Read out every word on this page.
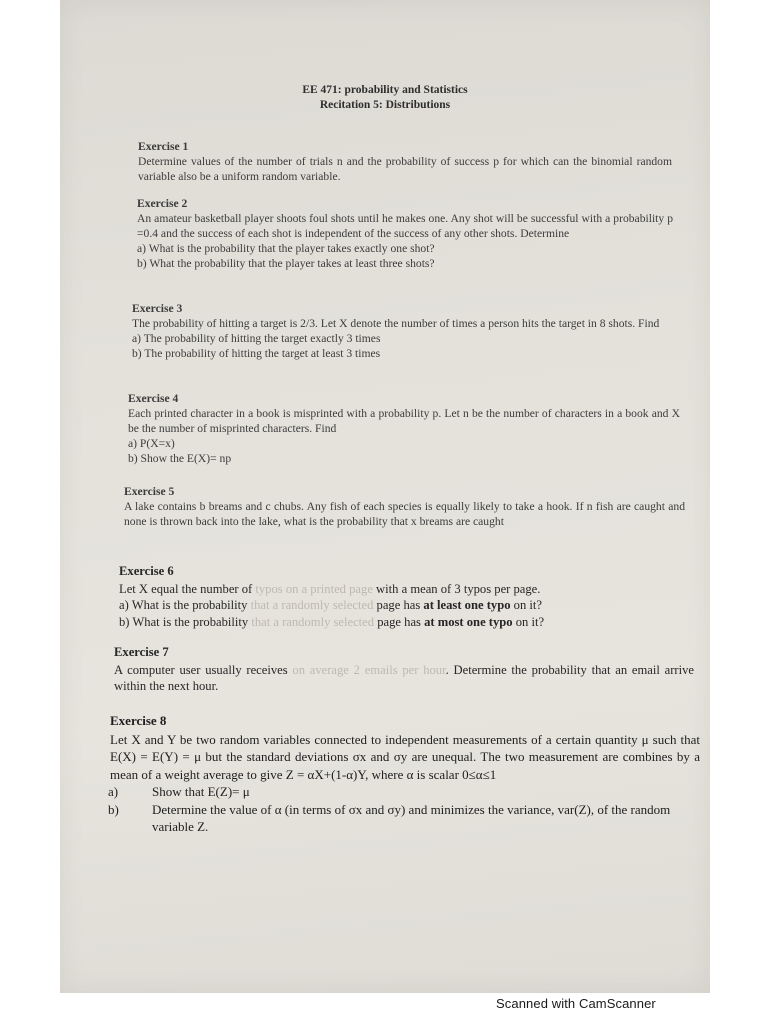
EE 471: probability and Statistics
Recitation 5: Distributions
Exercise 1
Determine values of the number of trials n and the probability of success p for which can the binomial random variable also be a uniform random variable.
Exercise 2
An amateur basketball player shoots foul shots until he makes one. Any shot will be successful with a probability p =0.4 and the success of each shot is independent of the success of any other shots. Determine
a) What is the probability that the player takes exactly one shot?
b) What the probability that the player takes at least three shots?
Exercise 3
The probability of hitting a target is 2/3. Let X denote the number of times a person hits the target in 8 shots. Find
a) The probability of hitting the target exactly 3 times
b) The probability of hitting the target at least 3 times
Exercise 4
Each printed character in a book is misprinted with a probability p. Let n be the number of characters in a book and X be the number of misprinted characters. Find
a) P(X=x)
b) Show the E(X)= np
Exercise 5
A lake contains b breams and c chubs. Any fish of each species is equally likely to take a hook. If n fish are caught and none is thrown back into the lake, what is the probability that x breams are caught
Exercise 6
Let X equal the number of typos on a printed page with a mean of 3 typos per page.
a) What is the probability that a randomly selected page has at least one typo on it?
b) What is the probability that a randomly selected page has at most one typo on it?
Exercise 7
A computer user usually receives on average 2 emails per hour. Determine the probability that an email arrive within the next hour.
Exercise 8
Let X and Y be two random variables connected to independent measurements of a certain quantity μ such that E(X) = E(Y) = μ but the standard deviations σx and σy are unequal. The two measurement are combines by a mean of a weight average to give Z = αX+(1-α)Y, where α is scalar 0≤α≤1
a)	Show that E(Z)= μ
b)	Determine the value of α (in terms of σx and σy) and minimizes the variance, var(Z), of the random variable Z.
Scanned with CamScanner
